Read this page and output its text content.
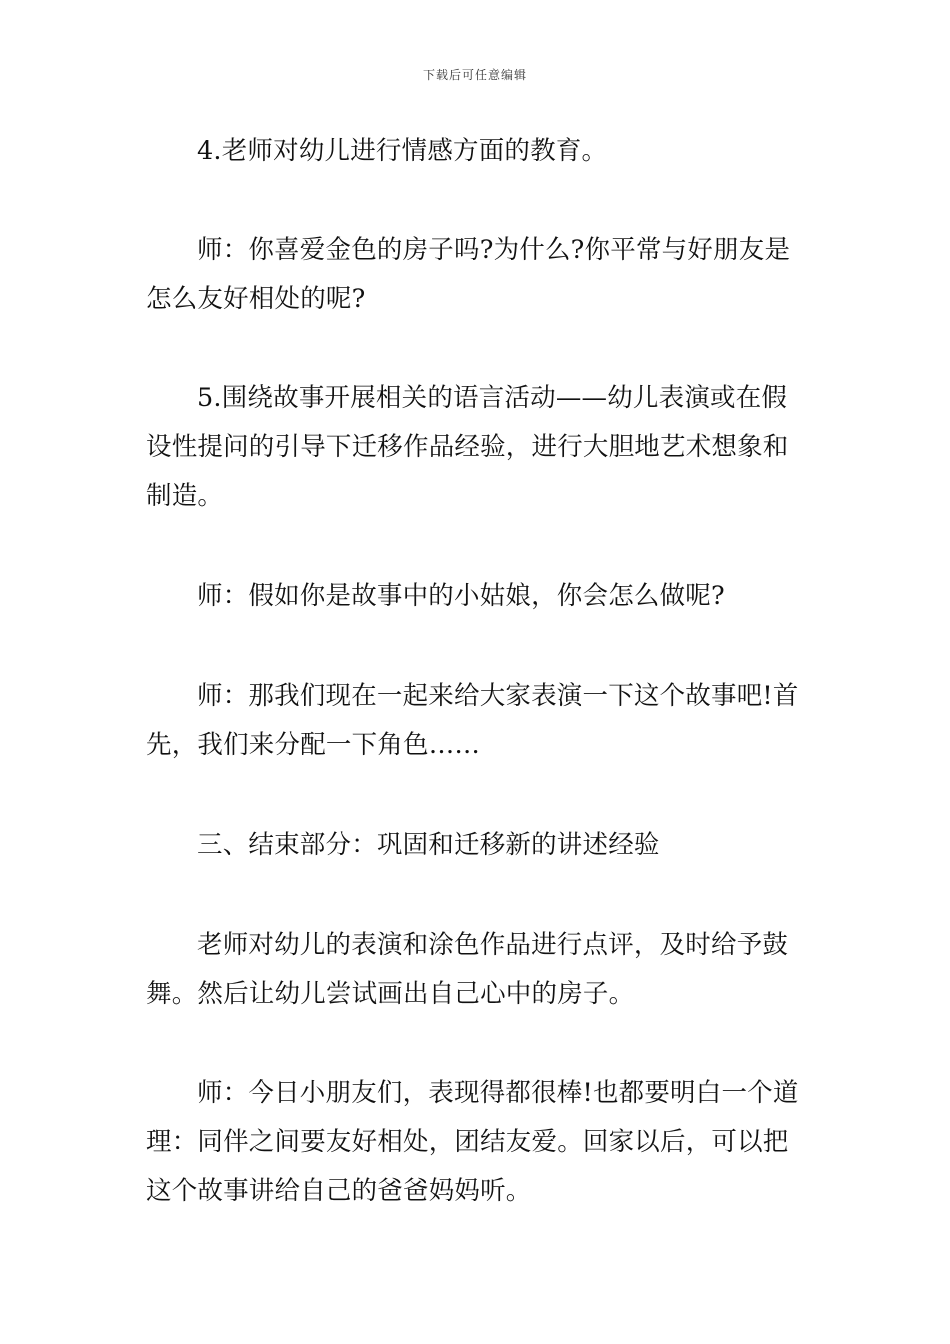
下载后可任意编辑

4.老师对幼儿进行情感方面的教育。

师：你喜爱金色的房子吗?为什么?你平常与好朋友是怎么友好相处的呢?

5.围绕故事开展相关的语言活动——幼儿表演或在假设性提问的引导下迁移作品经验，进行大胆地艺术想象和制造。

师：假如你是故事中的小姑娘，你会怎么做呢?

师：那我们现在一起来给大家表演一下这个故事吧!首先，我们来分配一下角色……

三、结束部分：巩固和迁移新的讲述经验

老师对幼儿的表演和涂色作品进行点评，及时给予鼓舞。然后让幼儿尝试画出自己心中的房子。

师：今日小朋友们，表现得都很棒!也都要明白一个道理：同伴之间要友好相处，团结友爱。回家以后，可以把这个故事讲给自己的爸爸妈妈听。
